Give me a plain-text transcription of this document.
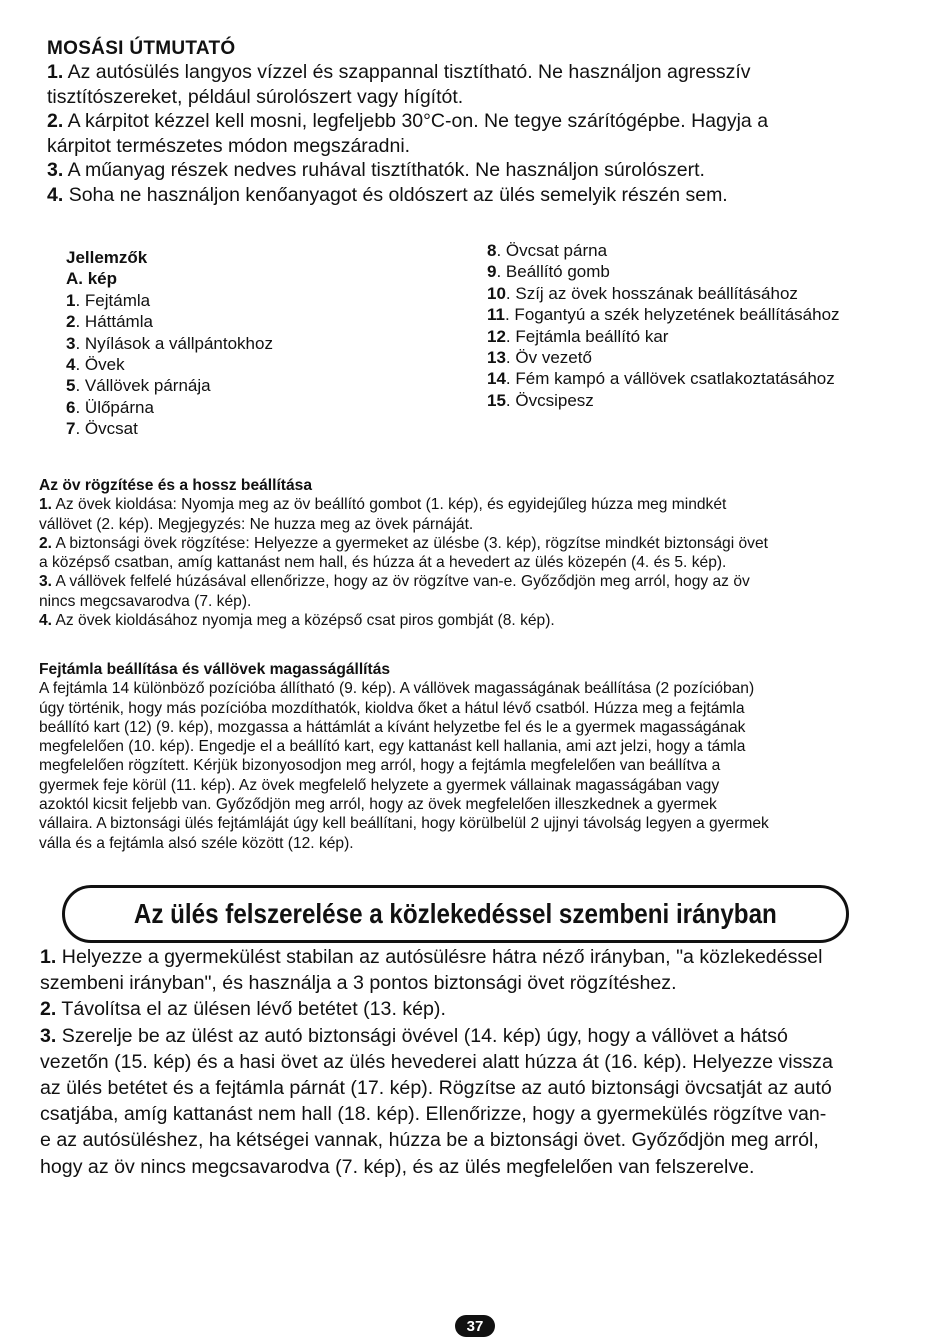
MOSÁSI ÚTMUTATÓ

1. Az autósülés langyos vízzel és szappannal tisztítható. Ne használjon agresszív
tisztítószereket, például súrolószert vagy hígítót.

2. A kárpitot kézzel kell mosni, legfeljebb 30°C-on. Ne tegye szárítógépbe. Hagyja a
kárpitot természetes módon megszáradni.

3. A műanyag részek nedves ruhával tisztíthatók. Ne használjon súrolószert.

4. Soha ne használjon kenőanyagot és oldószert az ülés semelyik részén sem.

Jellemzők

A. kép

1. Fejtámla

2. Háttámla

3. Nyílások a vállpántokhoz

4. Övek

5. Vállövek párnája

6. Ülőpárna

7. Övcsat

8. Övcsat párna

9. Beállító gomb

10. Szíj az övek hosszának beállításához

11. Fogantyú a szék helyzetének beállításához

12. Fejtámla beállító kar

13. Öv vezető

14. Fém kampó a vállövek csatlakoztatásához

15. Övcsipesz

Az öv rögzítése és a hossz beállítása

1. Az övek kioldása: Nyomja meg az öv beállító gombot (1. kép), és egyidejűleg húzza meg mindkét

vállövet (2. kép). Megjegyzés: Ne huzza meg az övek párnáját.

2. A biztonsági övek rögzítése: Helyezze a gyermeket az ülésbe (3. kép), rögzítse mindkét biztonsági övet

a középső csatban, amíg kattanást nem hall, és húzza át a hevedert az ülés közepén (4. és 5. kép).

3. A vállövek felfelé húzásával ellenőrizze, hogy az öv rögzítve van-e. Győződjön meg arról, hogy az öv

nincs megcsavarodva (7. kép).

4. Az övek kioldásához nyomja meg a középső csat piros gombját (8. kép).

Fejtámla beállítása és vállövek magasságállítás

A fejtámla 14 különböző pozícióba állítható (9. kép). A vállövek magasságának beállítása (2 pozícióban)

úgy történik, hogy más pozícióba mozdíthatók, kioldva őket a hátul lévő csatból. Húzza meg a fejtámla

beállító kart (12) (9. kép), mozgassa a háttámlát a kívánt helyzetbe fel és le a gyermek magasságának

megfelelően (10. kép). Engedje el a beállító kart, egy kattanást kell hallania, ami azt jelzi, hogy a támla

megfelelően rögzített. Kérjük bizonyosodjon meg arról, hogy a fejtámla megfelelően van beállítva a

gyermek feje körül (11. kép). Az övek megfelelő helyzete a gyermek vállainak magasságában vagy

azoktól kicsit feljebb van. Győződjön meg arról, hogy az övek megfelelően illeszkednek a gyermek

vállaira. A biztonsági ülés fejtámláját úgy kell beállítani, hogy körülbelül 2 ujjnyi távolság legyen a gyermek

válla és a fejtámla alsó széle között (12. kép).

Az ülés felszerelése a közlekedéssel szembeni irányban

1. Helyezze a gyermekülést stabilan az autósülésre hátra néző irányban, "a közlekedéssel

szembeni irányban", és használja a 3 pontos biztonsági övet rögzítéshez.

2. Távolítsa el az ülésen lévő betétet (13. kép).

3. Szerelje be az ülést az autó biztonsági övével (14. kép) úgy, hogy a vállövet a hátsó

vezetőn (15. kép) és a hasi övet az ülés hevederei alatt húzza át (16. kép). Helyezze vissza

az ülés betétet és a fejtámla párnát (17. kép). Rögzítse az autó biztonsági övcsatját az autó

csatjába, amíg kattanást nem hall (18. kép). Ellenőrizze, hogy a gyermekülés rögzítve van-

e az autósüléshez, ha kétségei vannak, húzza be a biztonsági övet. Győződjön meg arról,

hogy az öv nincs megcsavarodva (7. kép), és az ülés megfelelően van felszerelve.

37
